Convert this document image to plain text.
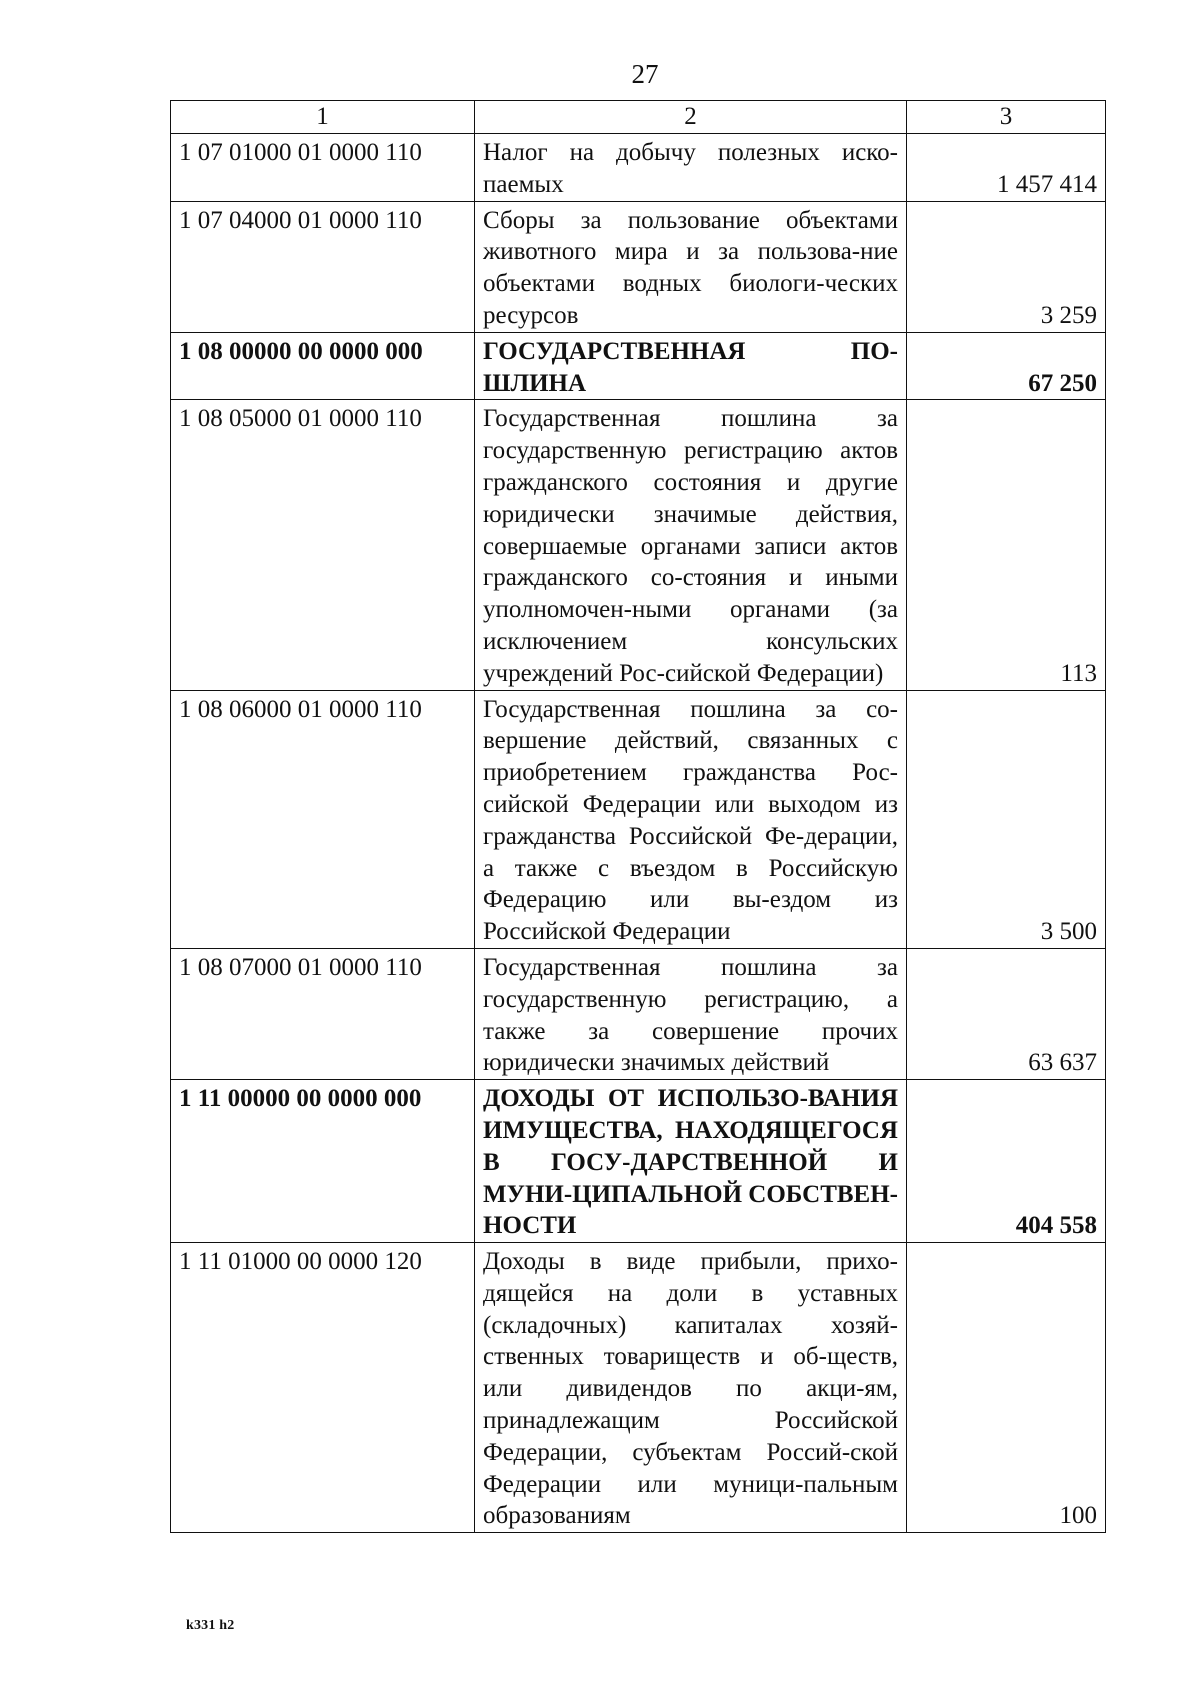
27
1	2	3
1 07 01000 01 0000 110	Налог на добычу полезных иско-паемых	1 457 414
1 07 04000 01 0000 110	Сборы за пользование объектами животного мира и за пользова-ние объектами водных биологи-ческих ресурсов	3 259
1 08 00000 00 0000 000	ГОСУДАРСТВЕННАЯ ПО-ШЛИНА	67 250
1 08 05000 01 0000 110	Государственная пошлина за государственную регистрацию актов гражданского состояния и другие юридически значимые действия, совершаемые органами записи актов гражданского со-стояния и иными уполномочен-ными органами (за исключением консульских учреждений Рос-сийской Федерации)	113
1 08 06000 01 0000 110	Государственная пошлина за со-вершение действий, связанных с приобретением гражданства Рос-сийской Федерации или выходом из гражданства Российской Фе-дерации, а также с въездом в Российскую Федерацию или вы-ездом из Российской Федерации	3 500
1 08 07000 01 0000 110	Государственная пошлина за государственную регистрацию, а также за совершение прочих юридически значимых действий	63 637
1 11 00000 00 0000 000	ДОХОДЫ ОТ ИСПОЛЬЗО-ВАНИЯ ИМУЩЕСТВА, НАХОДЯЩЕГОСЯ В ГОСУ-ДАРСТВЕННОЙ И МУНИ-ЦИПАЛЬНОЙ СОБСТВЕН-НОСТИ	404 558
1 11 01000 00 0000 120	Доходы в виде прибыли, прихо-дящейся на доли в уставных (складочных) капиталах хозяй-ственных товариществ и об-ществ, или дивидендов по акци-ям, принадлежащим Российской Федерации, субъектам Россий-ской Федерации или муници-пальным образованиям	100
k331 h2
